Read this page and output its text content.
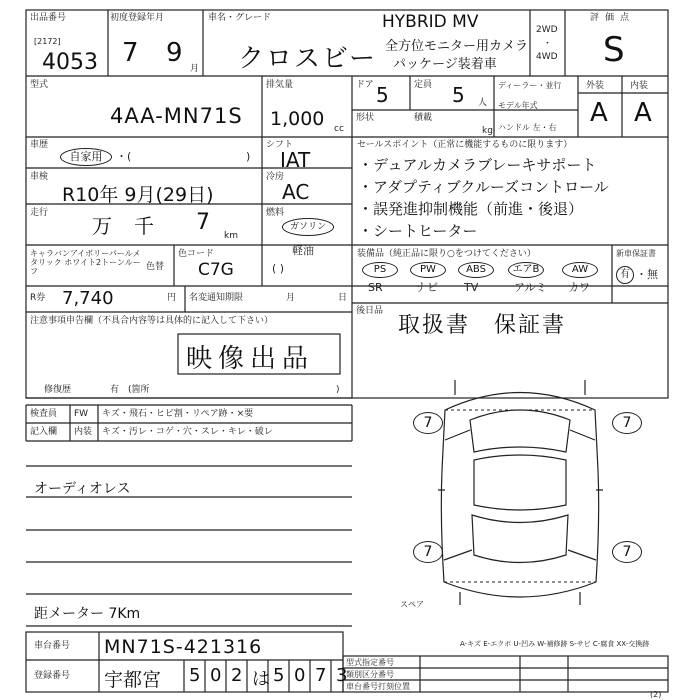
出品番号
[2172]
4053
初度登録年月
7 9
月
車名・グレード
クロスビー
HYBRID MV
全方位モニター用カメラ
パッケージ装着車
2WD
・
4WD
評価点
S
型式
4AA-MN71S
排気量
1,000 cc
ドア 5	定員 5 人
形状	積載
kg
ディーラー・並行
モデル年式
ハンドル 左・右
外装	内装
A A
車歴
自家用	・(	)
車検
R10年 9月(29日)
走行
万 千 7
km
キャラバンアイボリーパールメタリック ホワイト2トーンルーフ	色替
色コード
C7G
シフト
IAT
冷房
AC
燃料
ガソリン
軽油
( )
R券 7,740	円 名変通知期限	月	日
注意事項申告欄（不具合内容等は具体的に記入して下さい）
映像出品
修復歴	有 (箇所	)
検査員
記入欄
FW キズ・飛石・ヒビ割・リペア跡・×要
内装 キズ・汚レ・コゲ・穴・スレ・キレ・破レ
オーディオレス
距メーター 7Km
セールスポイント（正常に機能するものに限ります）
・デュアルカメラブレーキサポート
・アダプティブクルーズコントロール
・誤発進抑制機能（前進・後退）
・シートヒーター
装備品（純正品に限り○をつけてください）	新車保証書
有 ・無
PS
SR
PW
ナビ
ABS
TV
エアB
アルミ
AW
カワ
後日品
取扱書　保証書
7	7
7	7
スペア
A-キズ E-エクボ U-凹み W-補修跡 S-サビ C-腐食 XX-交換跡
車台番号 MN71S-421316
登録番号 宇都宮 5 0 2 は 5 0 7 3
型式指定番号
類別区分番号
車台番号打刻位置
(2)
